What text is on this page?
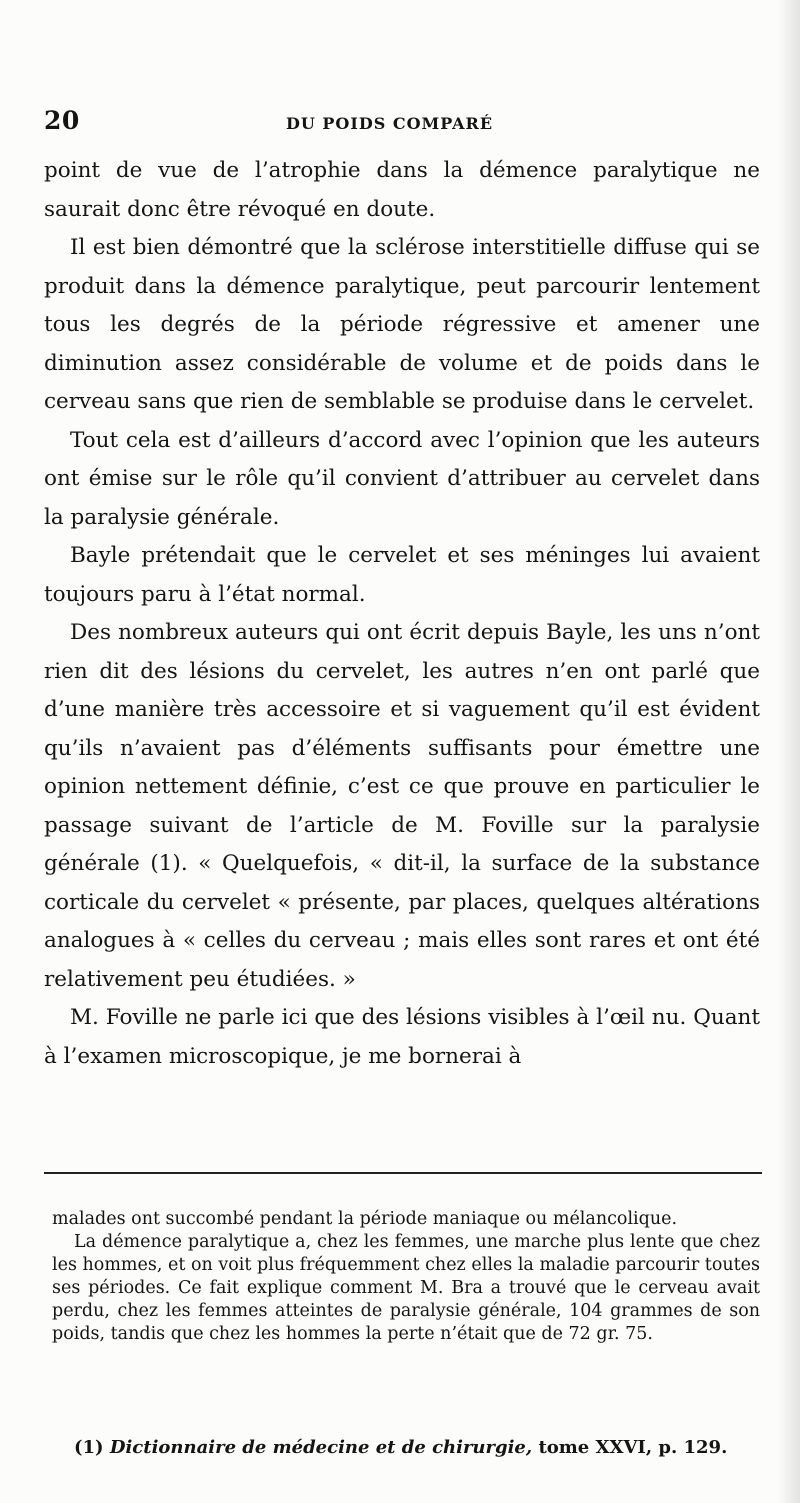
20	DU POIDS COMPARÉ

point de vue de l’atrophie dans la démence paralytique ne saurait donc être révoqué en doute.

Il est bien démontré que la sclérose interstitielle diffuse qui se produit dans la démence paralytique, peut parcourir lentement tous les degrés de la période régressive et amener une diminution assez considérable de volume et de poids dans le cerveau sans que rien de semblable se produise dans le cervelet.

Tout cela est d’ailleurs d’accord avec l’opinion que les auteurs ont émise sur le rôle qu’il convient d’attribuer au cervelet dans la paralysie générale.

Bayle prétendait que le cervelet et ses méninges lui avaient toujours paru à l’état normal.

Des nombreux auteurs qui ont écrit depuis Bayle, les uns n’ont rien dit des lésions du cervelet, les autres n’en ont parlé que d’une manière très accessoire et si vaguement qu’il est évident qu’ils n’avaient pas d’éléments suffisants pour émettre une opinion nettement définie, c’est ce que prouve en particulier le passage suivant de l’article de M. Foville sur la paralysie générale (1). « Quelquefois, « dit-il, la surface de la substance corticale du cervelet « présente, par places, quelques altérations analogues à « celles du cerveau ; mais elles sont rares et ont été relativement peu étudiées. »

M. Foville ne parle ici que des lésions visibles à l’œil nu. Quant à l’examen microscopique, je me bornerai à

malades ont succombé pendant la période maniaque ou mélancolique.

La démence paralytique a, chez les femmes, une marche plus lente que chez les hommes, et on voit plus fréquemment chez elles la maladie parcourir toutes ses périodes. Ce fait explique comment M. Bra a trouvé que le cerveau avait perdu, chez les femmes atteintes de paralysie générale, 104 grammes de son poids, tandis que chez les hommes la perte n’était que de 72 gr. 75.

(1) Dictionnaire de médecine et de chirurgie, tome XXVI, p. 129.
